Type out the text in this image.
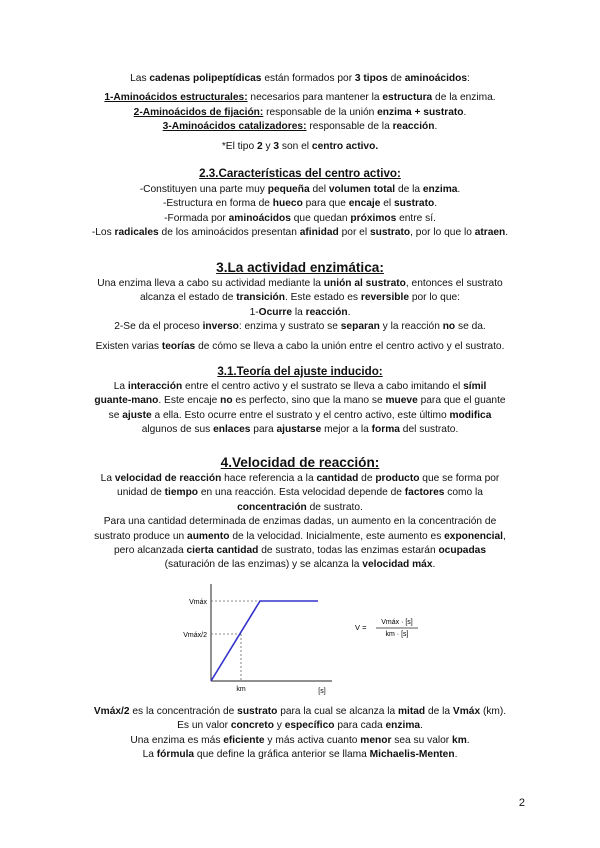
Las cadenas polipeptídicas están formados por 3 tipos de aminoácidos:

1-Aminoácidos estructurales: necesarios para mantener la estructura de la enzima.

2-Aminoácidos de fijación: responsable de la unión enzima + sustrato.

3-Aminoácidos catalizadores: responsable de la reacción.

*El tipo 2 y 3 son el centro activo.

2.3.Características del centro activo:

-Constituyen una parte muy pequeña del volumen total de la enzima.

-Estructura en forma de hueco para que encaje el sustrato.

-Formada por aminoácidos que quedan próximos entre sí.

-Los radicales de los aminoácidos presentan afinidad por el sustrato, por lo que lo atraen.

3.La actividad enzimática:

Una enzima lleva a cabo su actividad mediante la unión al sustrato, entonces el sustrato

alcanza el estado de transición. Este estado es reversible por lo que:

1-Ocurre la reacción.

2-Se da el proceso inverso: enzima y sustrato se separan y la reacción no se da.

Existen varias teorías de cómo se lleva a cabo la unión entre el centro activo y el sustrato.

3.1.Teoría del ajuste inducido:

La interacción entre el centro activo y el sustrato se lleva a cabo imitando el símil

guante-mano. Este encaje no es perfecto, sino que la mano se mueve para que el guante

se ajuste a ella. Esto ocurre entre el sustrato y el centro activo, este último modifica

algunos de sus enlaces para ajustarse mejor a la forma del sustrato.

4.Velocidad de reacción:

La velocidad de reacción hace referencia a la cantidad de producto que se forma por

unidad de tiempo en una reacción. Esta velocidad depende de factores como la

concentración de sustrato.

Para una cantidad determinada de enzimas dadas, un aumento en la concentración de

sustrato produce un aumento de la velocidad. Inicialmente, este aumento es exponencial,

pero alcanzada cierta cantidad de sustrato, todas las enzimas estarán ocupadas

(saturación de las enzimas) y se alcanza la velocidad máx.

Vmáx
Vmáx/2
km	[s]
V =
Vmáx · [s]
km · [s]

Vmáx/2 es la concentración de sustrato para la cual se alcanza la mitad de la Vmáx (km).

Es un valor concreto y específico para cada enzima.

Una enzima es más eficiente y más activa cuanto menor sea su valor km.

La fórmula que define la gráfica anterior se llama Michaelis-Menten.

2
